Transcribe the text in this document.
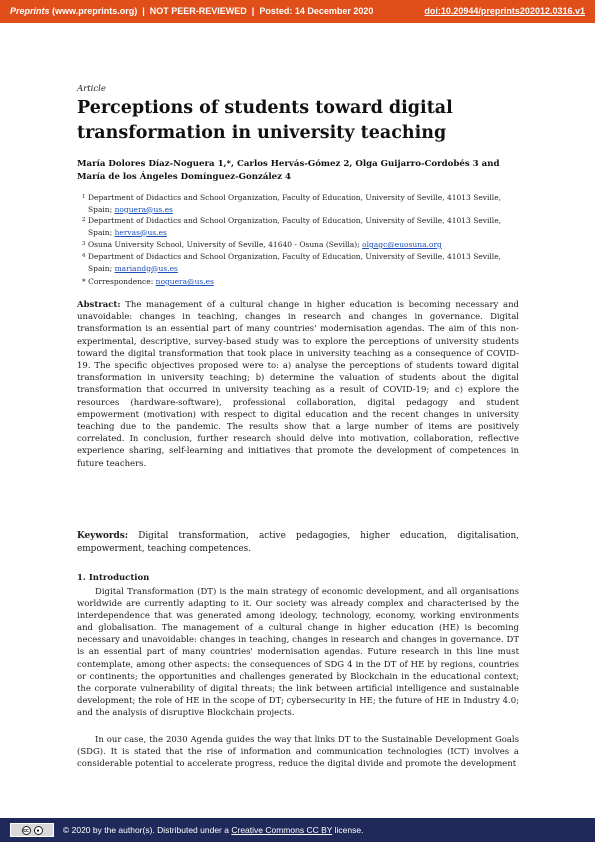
Preprints (www.preprints.org) | NOT PEER-REVIEWED | Posted: 14 December 2020	doi:10.20944/preprints202012.0316.v1
Article
Perceptions of students toward digital transformation in university teaching
María Dolores Díaz-Noguera 1,*, Carlos Hervás-Gómez 2, Olga Guijarro-Cordobés 3 and María de los Ángeles Domínguez-González 4
1 Department of Didactics and School Organization, Faculty of Education, University of Seville, 41013 Seville, Spain; noguera@us.es
2 Department of Didactics and School Organization, Faculty of Education, University of Seville, 41013 Seville, Spain; hervas@us.es
3 Osuna University School, University of Seville, 41640 - Osuna (Sevilla); olgagc@euosuna.org
4 Department of Didactics and School Organization, Faculty of Education, University of Seville, 41013 Seville, Spain; mariandg@us.es
* Correspondence: noguera@us.es
Abstract: The management of a cultural change in higher education is becoming necessary and unavoidable: changes in teaching, changes in research and changes in governance. Digital transformation is an essential part of many countries' modernisation agendas. The aim of this non-experimental, descriptive, survey-based study was to explore the perceptions of university students toward the digital transformation that took place in university teaching as a consequence of COVID-19. The specific objectives proposed were to: a) analyse the perceptions of students toward digital transformation in university teaching; b) determine the valuation of students about the digital transformation that occurred in university teaching as a result of COVID-19; and c) explore the resources (hardware-software), professional collaboration, digital pedagogy and student empowerment (motivation) with respect to digital education and the recent changes in university teaching due to the pandemic. The results show that a large number of items are positively correlated. In conclusion, further research should delve into motivation, collaboration, reflective experience sharing, self-learning and initiatives that promote the development of competences in future teachers.
Keywords: Digital transformation, active pedagogies, higher education, digitalisation, empowerment, teaching competences.
1. Introduction
Digital Transformation (DT) is the main strategy of economic development, and all organisations worldwide are currently adapting to it. Our society was already complex and characterised by the interdependence that was generated among ideology, technology, economy, working environments and globalisation. The management of a cultural change in higher education (HE) is becoming necessary and unavoidable: changes in teaching, changes in research and changes in governance. DT is an essential part of many countries' modernisation agendas. Future research in this line must contemplate, among other aspects: the consequences of SDG 4 in the DT of HE by regions, countries or continents; the opportunities and challenges generated by Blockchain in the educational context; the corporate vulnerability of digital threats; the link between artificial intelligence and sustainable development; the role of HE in the scope of DT; cybersecurity in HE; the future of HE in Industry 4.0; and the analysis of disruptive Blockchain projects.
In our case, the 2030 Agenda guides the way that links DT to the Sustainable Development Goals (SDG). It is stated that the rise of information and communication technologies (ICT) involves a considerable potential to accelerate progress, reduce the digital divide and promote the development
cc	●	© 2020 by the author(s). Distributed under a Creative Commons CC BY license.
